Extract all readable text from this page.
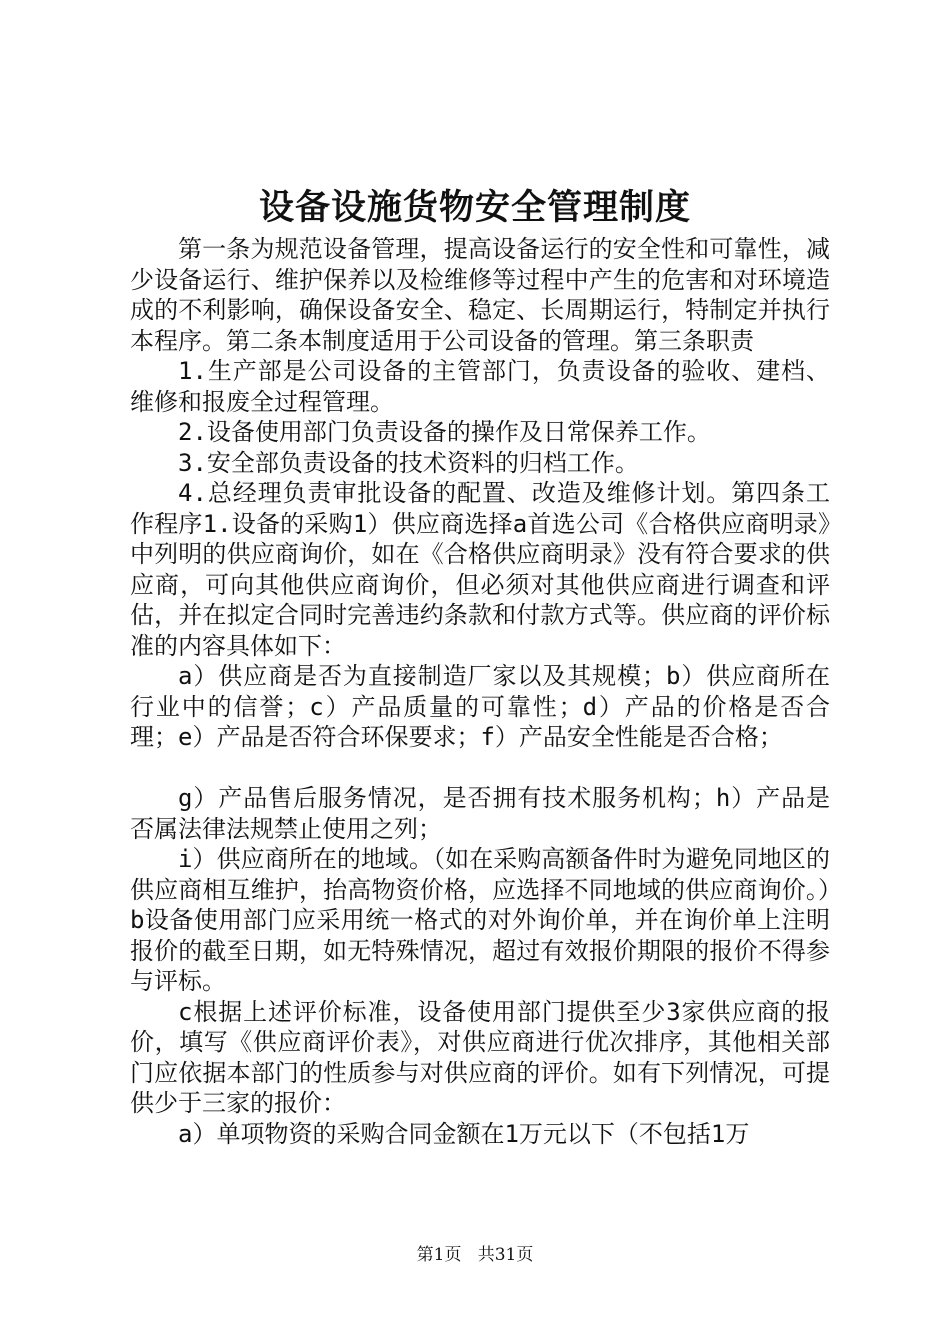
设备设施货物安全管理制度

第一条为规范设备管理，提高设备运行的安全性和可靠性，减少设备运行、维护保养以及检维修等过程中产生的危害和对环境造成的不利影响，确保设备安全、稳定、长周期运行，特制定并执行本程序。第二条本制度适用于公司设备的管理。第三条职责

1.生产部是公司设备的主管部门，负责设备的验收、建档、维修和报废全过程管理。

2.设备使用部门负责设备的操作及日常保养工作。

3.安全部负责设备的技术资料的归档工作。

4.总经理负责审批设备的配置、改造及维修计划。第四条工作程序1.设备的采购1）供应商选择a首选公司《合格供应商明录》中列明的供应商询价，如在《合格供应商明录》没有符合要求的供应商，可向其他供应商询价，但必须对其他供应商进行调查和评估，并在拟定合同时完善违约条款和付款方式等。供应商的评价标准的内容具体如下：

a）供应商是否为直接制造厂家以及其规模；b）供应商所在行业中的信誉；c）产品质量的可靠性；d）产品的价格是否合理；e）产品是否符合环保要求；f）产品安全性能是否合格；

g）产品售后服务情况，是否拥有技术服务机构；h）产品是否属法律法规禁止使用之列；

i）供应商所在的地域。（如在采购高额备件时为避免同地区的供应商相互维护，抬高物资价格，应选择不同地域的供应商询价。）b设备使用部门应采用统一格式的对外询价单，并在询价单上注明报价的截至日期，如无特殊情况，超过有效报价期限的报价不得参与评标。

c根据上述评价标准，设备使用部门提供至少3家供应商的报价，填写《供应商评价表》，对供应商进行优次排序，其他相关部门应依据本部门的性质参与对供应商的评价。如有下列情况，可提供少于三家的报价：

a）单项物资的采购合同金额在1万元以下（不包括1万

第1页 共31页
